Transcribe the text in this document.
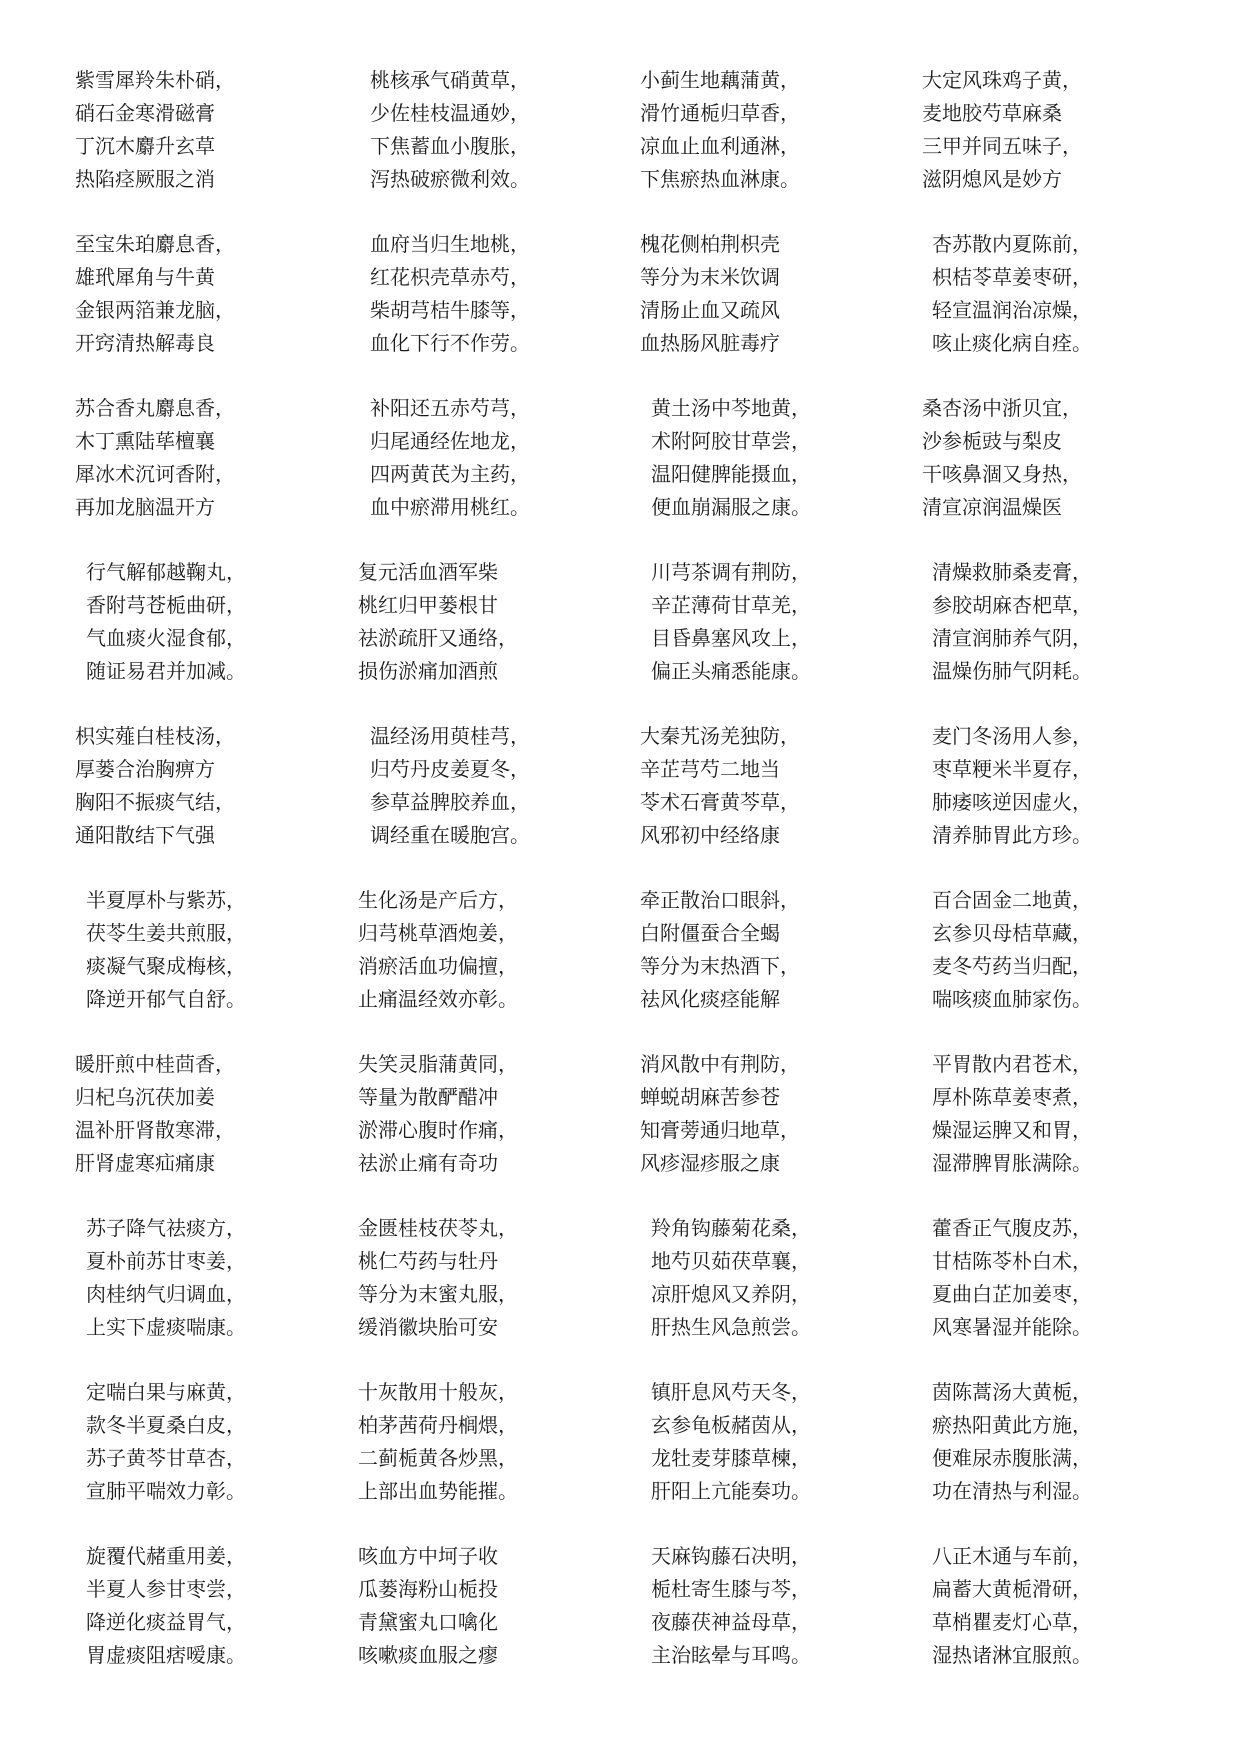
紫雪犀羚朱朴硝，
硝石金寒滑磁膏
丁沉木麝升玄草
热陷痉厥服之消
至宝朱珀麝息香，
雄玳犀角与牛黄
金银两箔兼龙脑，
开窍清热解毒良
苏合香丸麝息香，
木丁熏陆荜檀襄
犀冰术沉诃香附，
再加龙脑温开方
行气解郁越鞠丸，
香附芎苍栀曲研，
气血痰火湿食郁，
随证易君并加减。
枳实薤白桂枝汤，
厚蒌合治胸痹方
胸阳不振痰气结，
通阳散结下气强
半夏厚朴与紫苏，
茯苓生姜共煎服，
痰凝气聚成梅核，
降逆开郁气自舒。
暖肝煎中桂茴香，
归杞乌沉茯加姜
温补肝肾散寒滞，
肝肾虚寒疝痛康
苏子降气祛痰方，
夏朴前苏甘枣姜，
肉桂纳气归调血，
上实下虚痰喘康。
定喘白果与麻黄，
款冬半夏桑白皮，
苏子黄芩甘草杏，
宣肺平喘效力彰。
旋覆代赭重用姜，
半夏人参甘枣尝，
降逆化痰益胃气，
胃虚痰阻痞嗳康。
桃核承气硝黄草，
少佐桂枝温通妙，
下焦蓄血小腹胀，
泻热破瘀微利效。
血府当归生地桃，
红花枳壳草赤芍，
柴胡芎桔牛膝等，
血化下行不作劳。
补阳还五赤芍芎，
归尾通经佐地龙，
四两黄芪为主药，
血中瘀滞用桃红。
复元活血酒军柴
桃红归甲蒌根甘
祛淤疏肝又通络，
损伤淤痛加酒煎
温经汤用萸桂芎，
归芍丹皮姜夏冬，
参草益脾胶养血，
调经重在暖胞宫。
生化汤是产后方，
归芎桃草酒炮姜，
消瘀活血功偏擅，
止痛温经效亦彰。
失笑灵脂蒲黄同，
等量为散酽醋冲
淤滞心腹时作痛，
祛淤止痛有奇功
金匮桂枝茯苓丸，
桃仁芍药与牡丹
等分为末蜜丸服，
缓消徽块胎可安
十灰散用十般灰，
柏茅茜荷丹榈煨，
二蓟栀黄各炒黑，
上部出血势能摧。
咳血方中坷子收
瓜蒌海粉山栀投
青黛蜜丸口噙化
咳嗽痰血服之瘳
小蓟生地藕蒲黄，
滑竹通栀归草香，
凉血止血利通淋，
下焦瘀热血淋康。
槐花侧柏荆枳壳
等分为末米饮调
清肠止血又疏风
血热肠风脏毒疗
黄土汤中芩地黄，
术附阿胶甘草尝，
温阳健脾能摄血，
便血崩漏服之康。
川芎茶调有荆防，
辛芷薄荷甘草羌，
目昏鼻塞风攻上，
偏正头痛悉能康。
大秦艽汤羌独防，
辛芷芎芍二地当
苓术石膏黄芩草，
风邪初中经络康
牵正散治口眼斜，
白附僵蚕合全蝎
等分为末热酒下，
祛风化痰痉能解
消风散中有荆防，
蝉蜕胡麻苦参苍
知膏蒡通归地草，
风疹湿疹服之康
羚角钩藤菊花桑，
地芍贝茹茯草襄，
凉肝熄风又养阴，
肝热生风急煎尝。
镇肝息风芍天冬，
玄参龟板赭茵从，
龙牡麦芽膝草楝，
肝阳上亢能奏功。
天麻钩藤石决明，
栀杜寄生膝与芩，
夜藤茯神益母草，
主治眩晕与耳鸣。
大定风珠鸡子黄，
麦地胶芍草麻桑
三甲并同五味子，
滋阴熄风是妙方
杏苏散内夏陈前，
枳桔苓草姜枣研，
轻宣温润治凉燥，
咳止痰化病自痊。
桑杏汤中浙贝宜，
沙参栀豉与梨皮
干咳鼻涸又身热，
清宣凉润温燥医
清燥救肺桑麦膏，
参胶胡麻杏杷草，
清宣润肺养气阴，
温燥伤肺气阴耗。
麦门冬汤用人参，
枣草粳米半夏存，
肺痿咳逆因虚火，
清养肺胃此方珍。
百合固金二地黄，
玄参贝母桔草藏，
麦冬芍药当归配，
喘咳痰血肺家伤。
平胃散内君苍术，
厚朴陈草姜枣煮，
燥湿运脾又和胃，
湿滞脾胃胀满除。
藿香正气腹皮苏，
甘桔陈苓朴白术，
夏曲白芷加姜枣，
风寒暑湿并能除。
茵陈蒿汤大黄栀，
瘀热阳黄此方施，
便难尿赤腹胀满，
功在清热与利湿。
八正木通与车前，
扁蓄大黄栀滑研，
草梢瞿麦灯心草，
湿热诸淋宜服煎。
